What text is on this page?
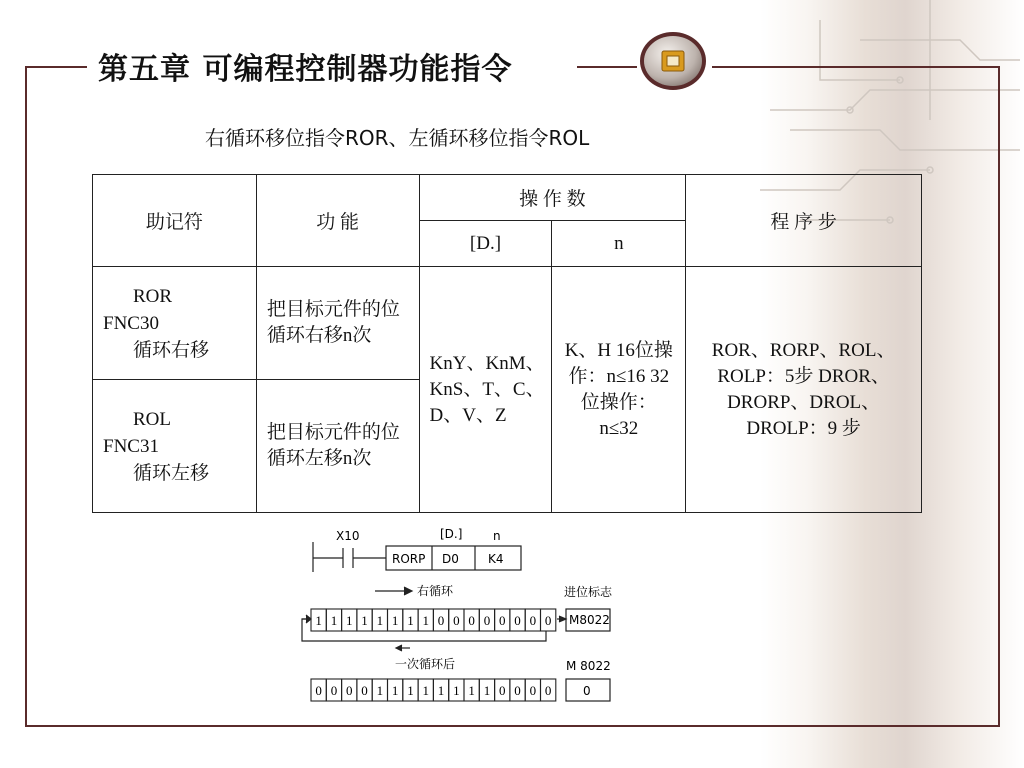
第五章 可编程控制器功能指令
右循环移位指令ROR、左循环移位指令ROL
助记符	功 能	操 作 数		程 序 步
		[D.]	n	

ROR
FNC30
循环右移	把目标元件的位循环右移n次	KnY、KnM、KnS、T、C、D、V、Z	K、H 16位操作：n≤16 32位操作：n≤32	ROR、RORP、ROL、ROLP：5步 DROR、DRORP、DROL、DROLP：9 步

ROL
FNC31
循环左移	把目标元件的位循环左移n次			
X10	[D.]	n
RORP D0 K4
右循环	进位标志
M8022
一次循环后	M 8022
0
1 1 1 1 1 1 1 1 0 0 0 0 0 0 0 0
0 0 0 0 1 1 1 1 1 1 1 1 0 0 0 0
